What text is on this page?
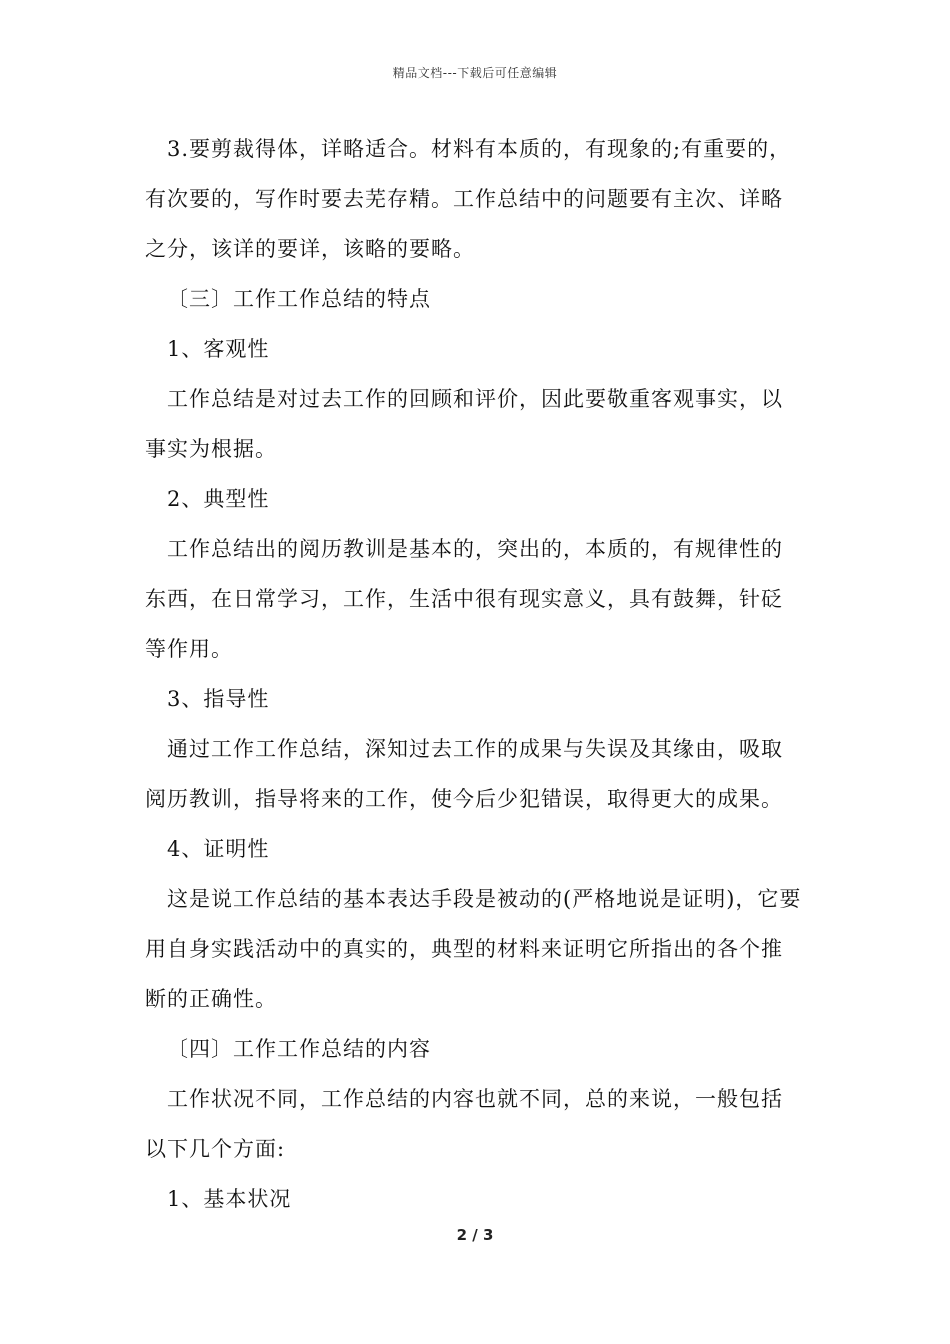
精品文档---下载后可任意编辑

3.要剪裁得体，详略适合。材料有本质的，有现象的;有重要的，

有次要的，写作时要去芜存精。工作总结中的问题要有主次、详略

之分，该详的要详，该略的要略。

〔三〕工作工作总结的特点

1、客观性

工作总结是对过去工作的回顾和评价，因此要敬重客观事实，以

事实为根据。

2、典型性

工作总结出的阅历教训是基本的，突出的，本质的，有规律性的

东西，在日常学习，工作，生活中很有现实意义，具有鼓舞，针砭

等作用。

3、指导性

通过工作工作总结，深知过去工作的成果与失误及其缘由，吸取

阅历教训，指导将来的工作，使今后少犯错误，取得更大的成果。

4、证明性

这是说工作总结的基本表达手段是被动的(严格地说是证明)，它要

用自身实践活动中的真实的，典型的材料来证明它所指出的各个推

断的正确性。

〔四〕工作工作总结的内容

工作状况不同，工作总结的内容也就不同，总的来说，一般包括

以下几个方面:

1、基本状况

2 / 3
